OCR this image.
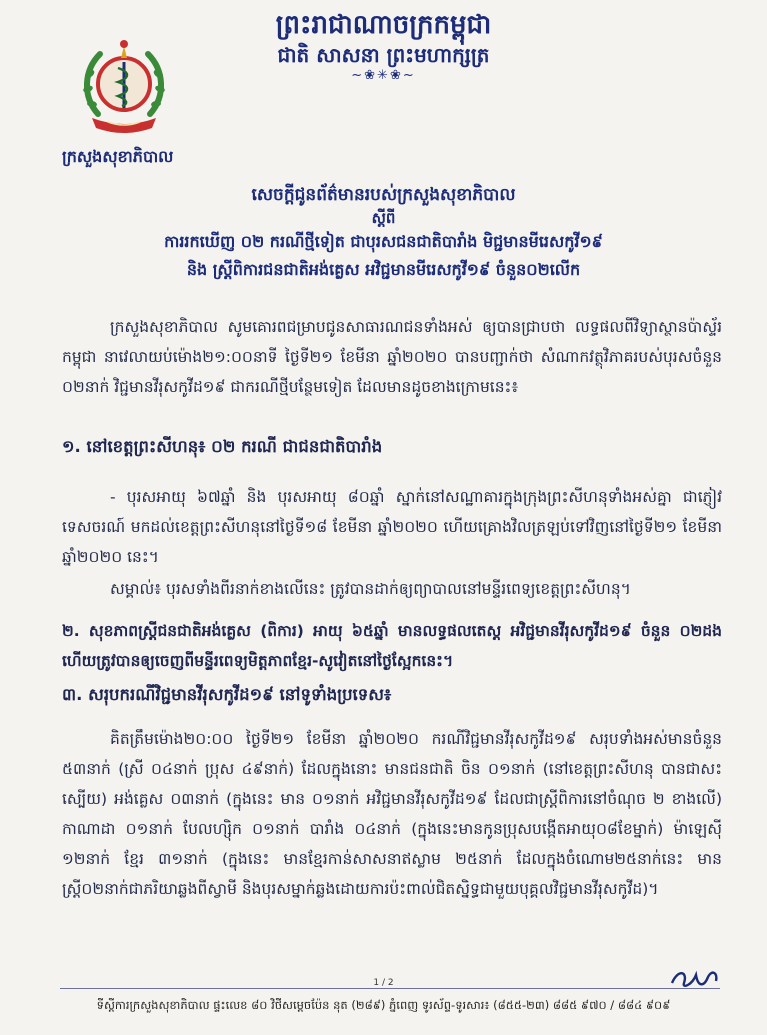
ព្រះរាជាណាចក្រកម្ពុជា
ជាតិ សាសនា ព្រះមហាក្សត្រ
~❀✳❀~
ក្រសួងសុខាភិបាល
សេចក្តីជូនព័ត៌មានរបស់ក្រសួងសុខាភិបាល
ស្តីពី
ការរកឃើញ ០២ ករណីថ្មីទៀត ជាបុរសជនជាតិបារាំង មិជ្ជមានមីរេសកូវី១៩
និង ស្ត្រីពិការជនជាតិអង់គ្លេស អវិជ្ជមានមីរេសកូវី១៩ ចំនួន០២លើក
ក្រសួងសុខាភិបាល សូមគោរពជម្រាបជូនសាធារណជនទាំងអស់ ឲ្យបានជ្រាបថា លទ្ធផលពីវិទ្យាស្ថានប៉ាស្ទ័រកម្ពុជា នាវេលាយប់ម៉ោង២១:០០នាទី ថ្ងៃទី២១ ខែមីនា ឆ្នាំ២០២០ បានបញ្ជាក់ថា សំណាកវត្ថុវិភាគរបស់បុរសចំនួន ០២នាក់ វិជ្ជមានវីរុសកូវីដ១៩ ជាករណីថ្មីបន្ថែមទៀត ដែលមានដូចខាងក្រោមនេះ៖
១. នៅខេត្តព្រះសីហនុ៖ ០២ ករណី ជាជនជាតិបារាំង
- បុរសអាយុ ៦៧ឆ្នាំ និង បុរសអាយុ ៨០ឆ្នាំ ស្នាក់នៅសណ្ឋាគារក្នុងក្រុងព្រះសីហនុទាំងអស់គ្នា ជាភ្ញៀវទេសចរណ៍ មកដល់ខេត្តព្រះសីហនុនៅថ្ងៃទី១៨ ខែមីនា ឆ្នាំ២០២០ ហើយគ្រោងវិលត្រឡប់ទៅវិញនៅថ្ងៃទី២១ ខែមីនា ឆ្នាំ២០២០ នេះ។
សម្គាល់៖ បុរសទាំងពីរនាក់ខាងលើនេះ ត្រូវបានដាក់ឲ្យព្យាបាលនៅមន្ទីរពេទ្យខេត្តព្រះសីហនុ។
២. សុខភាពស្ត្រីជនជាតិអង់គ្លេស (ពិការ) អាយុ ៦៥ឆ្នាំ មានលទ្ធផលតេស្ត អវិជ្ជមានវីរុសកូវីដ១៩ ចំនួន ០២ដង ហើយត្រូវបានឲ្យចេញពីមន្ទីរពេទ្យមិត្តភាពខ្មែរ-សូវៀតនៅថ្ងៃស្អែកនេះ។
៣. សរុបករណីវិជ្ជមានវីរុសកូវីដ១៩ នៅទូទាំងប្រទេស៖
គិតត្រឹមម៉ោង២០:០០ ថ្ងៃទី២១ ខែមីនា ឆ្នាំ២០២០ ករណីវិជ្ជមានវីរុសកូវីដ១៩ សរុបទាំងអស់មានចំនួន ៥៣នាក់ (ស្រី ០៤នាក់ ប្រុស ៤៩នាក់) ដែលក្នុងនោះ មានជនជាតិ ចិន ០១នាក់ (នៅខេត្តព្រះសីហនុ បានជាសះស្បើយ) អង់គ្លេស ០៣នាក់ (ក្នុងនេះ មាន ០១នាក់ អវិជ្ជមានវីរុសកូវីដ១៩ ដែលជាស្ត្រីពិការនៅចំណុច ២ ខាងលើ) កាណាដា ០១នាក់ បែលហ្ស៊ិក ០១នាក់ បារាំង ០៤នាក់ (ក្នុងនេះមានកូនប្រុសបង្កើតអាយុ០៨ខែម្នាក់) ម៉ាឡេស៊ី ១២នាក់ ខ្មែរ ៣១នាក់ (ក្នុងនេះ មានខ្មែរកាន់សាសនាឥស្លាម ២៥នាក់ ដែលក្នុងចំណោម២៥នាក់នេះ មានស្ត្រី០២នាក់ជាភរិយាឆ្លងពីស្វាមី និងបុរសម្នាក់ឆ្លងដោយការប៉ះពាល់ជិតស្និទ្ធជាមួយបុគ្គលវិជ្ជមានវីរុសកូវីដ)។
1 / 2
ទីស្តីការក្រសួងសុខាភិបាល ផ្ទះលេខ ៨០ វិថីសម្តេចប៉ែន នុត (២៨៩) ភ្នំពេញ ទូរស័ព្ទ-ទូរសារ៖ (៨៥៥-២៣) ៨៨៥ ៩៧០ / ៨៨៤ ៩០៩
